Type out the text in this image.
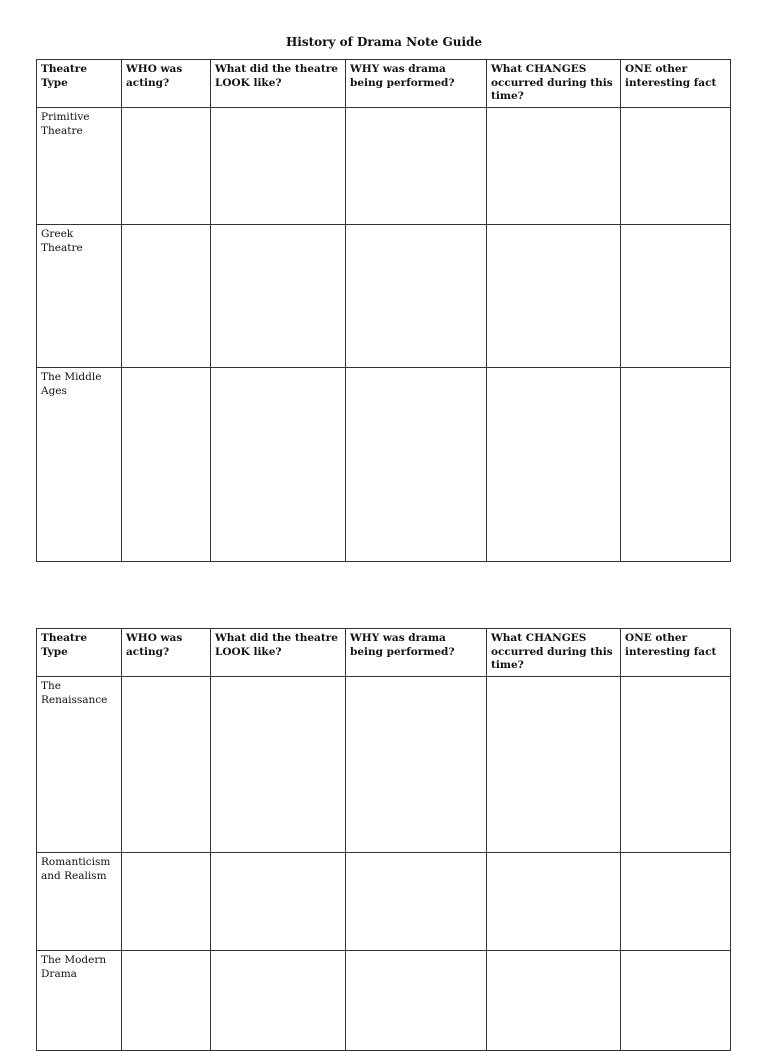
History of Drama Note Guide
Theatre Type	WHO was acting?	What did the theatre LOOK like?	WHY was drama being performed?	What CHANGES occurred during this time?	ONE other interesting fact
Primitive Theatre					
Greek Theatre					
The Middle Ages					
Theatre Type	WHO was acting?	What did the theatre LOOK like?	WHY was drama being performed?	What CHANGES occurred during this time?	ONE other interesting fact
The Renaissance					
Romanticism and Realism					
The Modern Drama					
